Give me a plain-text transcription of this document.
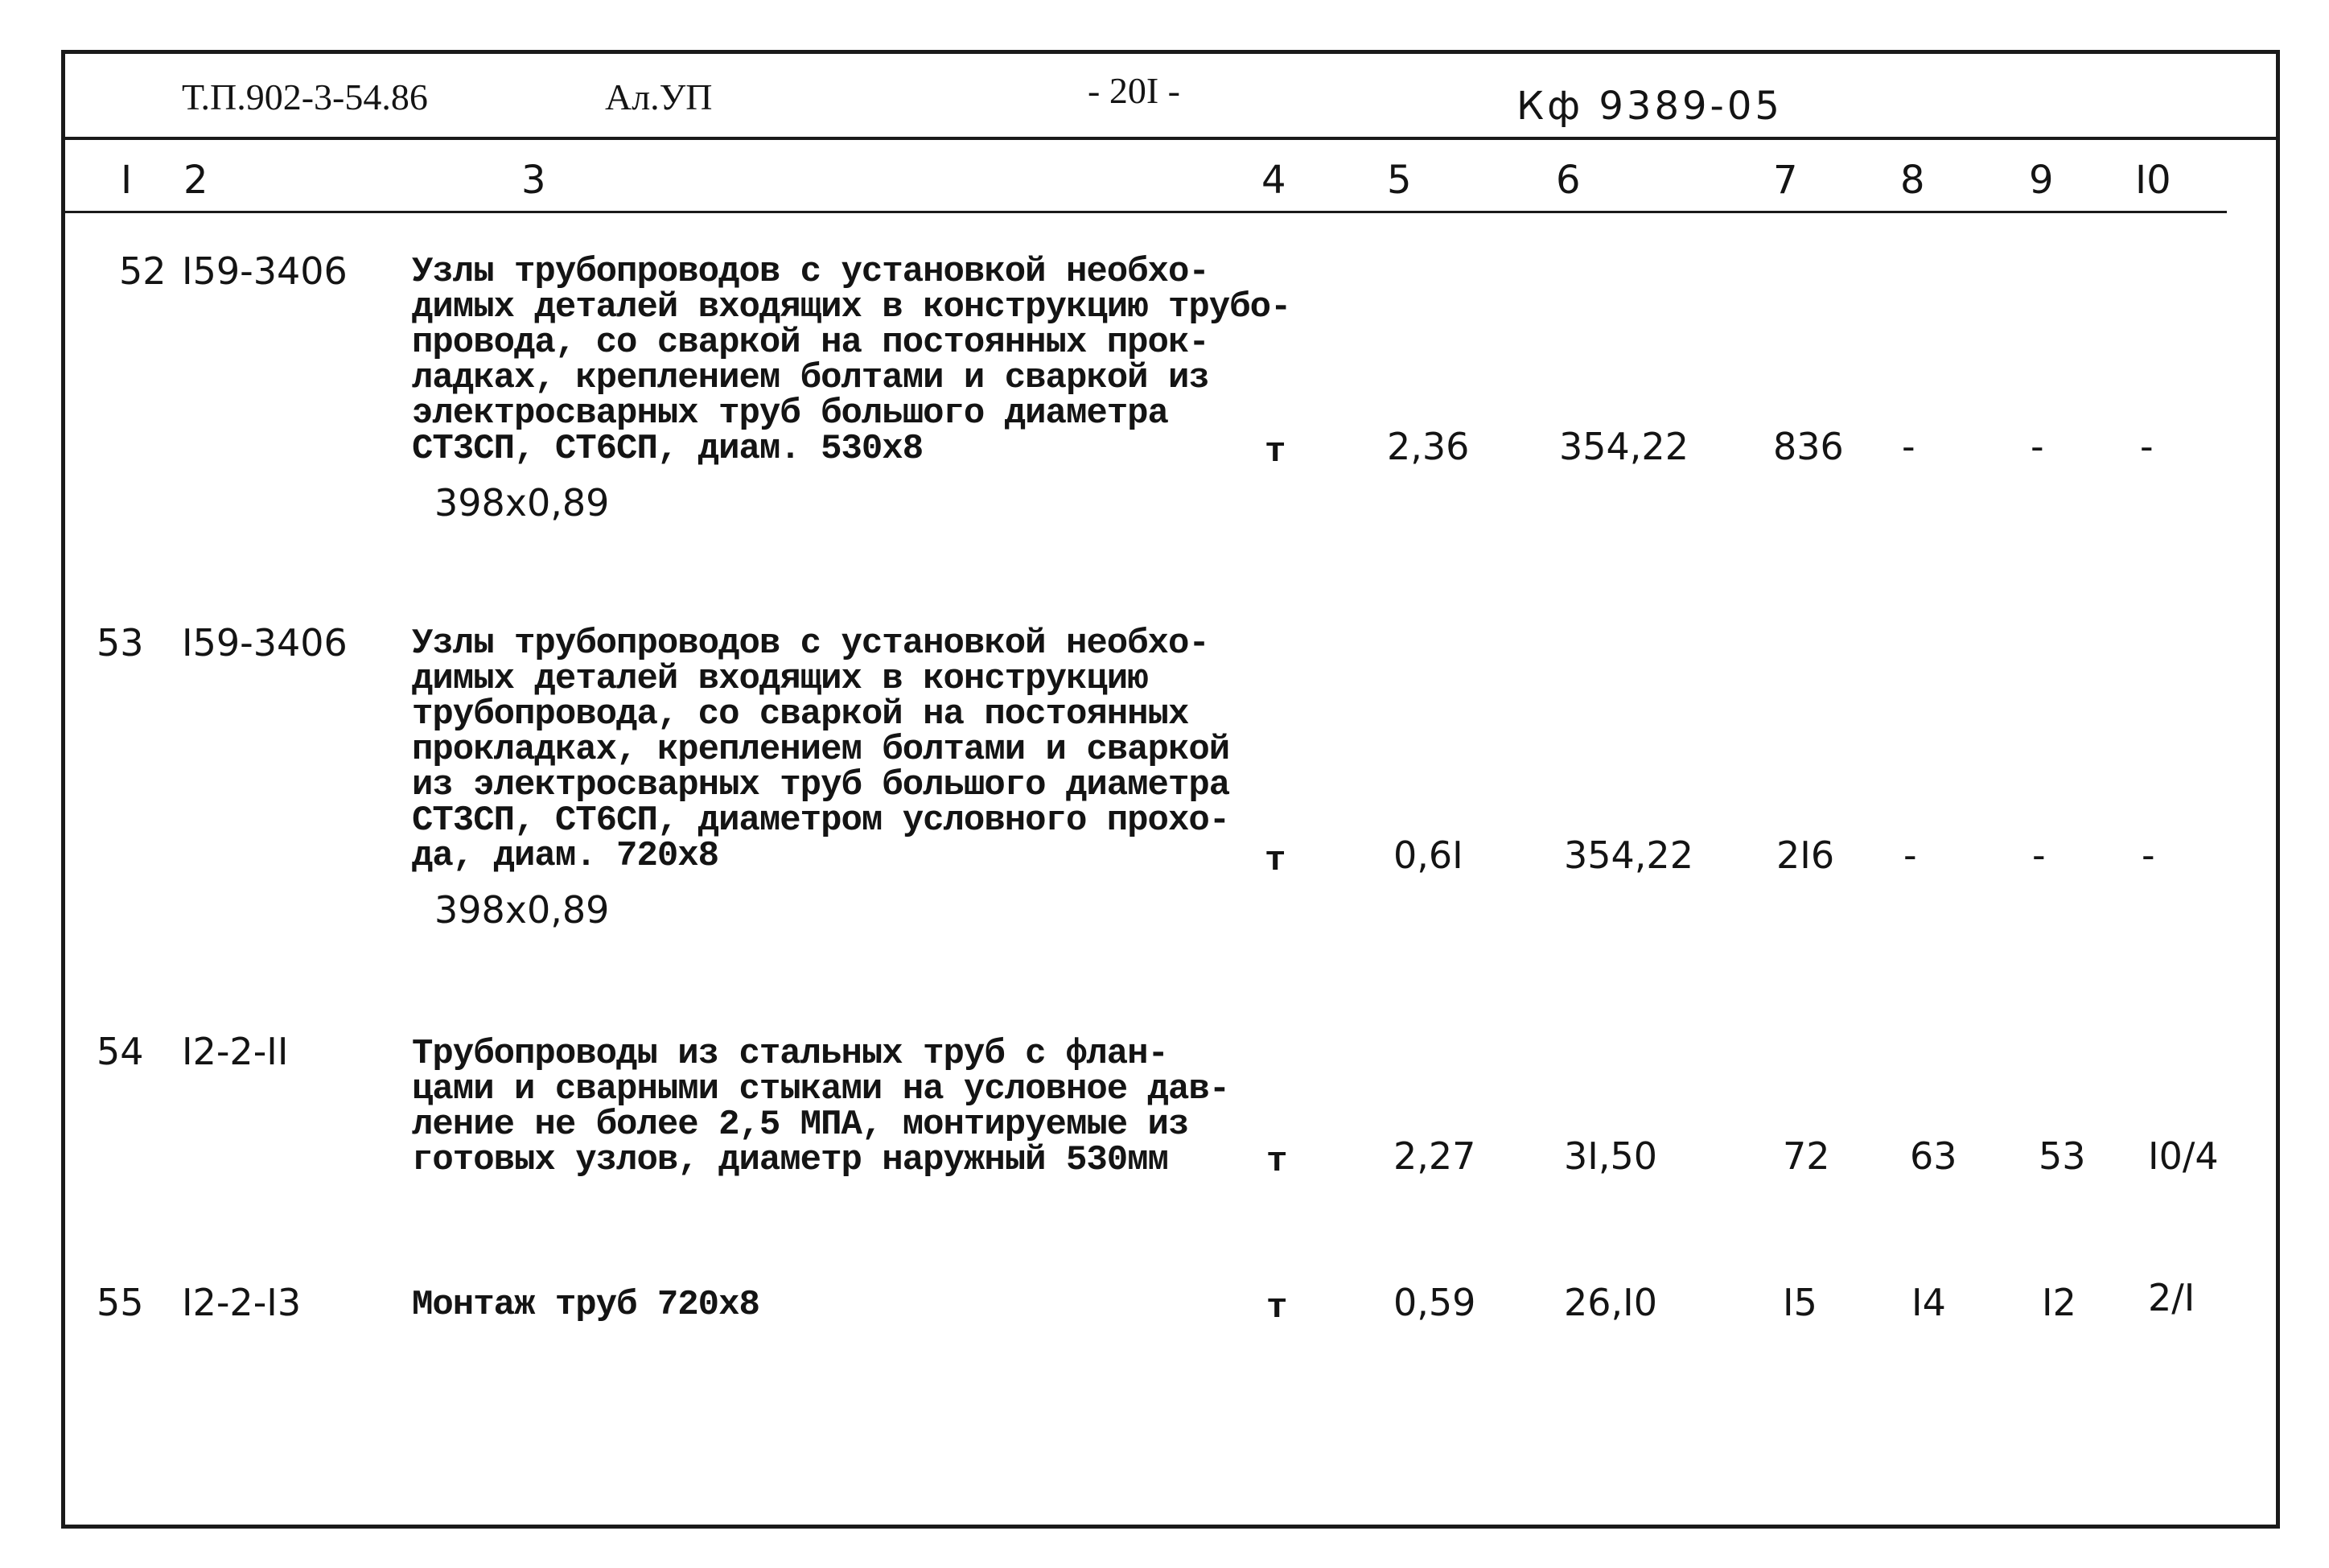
Т.П.902-3-54.86	Ал.УП	- 20I -	Кф 9389-05
I 2	3	4	5	6	7	8	9 I0
52 I59-3406 Узлы трубопроводов с установкой необхо-
димых деталей входящих в конструкцию трубо-
провода, со сваркой на постоянных прок-
ладках, креплением болтами и сваркой из
электросварных труб большого диаметра
СТ3СП, СТ6СП, диам. 530х8
398х0,89
т	2,36 354,22 836 -	-	-
53 I59-3406 Узлы трубопроводов с установкой необхо-
димых деталей входящих в конструкцию
трубопровода, со сваркой на постоянных
прокладках, креплением болтами и сваркой
из электросварных труб большого диаметра
СТ3СП, СТ6СП, диаметром условного прохо-
да, диам. 720х8
398х0,89
т	0,6I	354,22 2I6 -	-	-
54 I2-2-II	Трубопроводы из стальных труб с флан-
цами и сварными стыками на условное дав-
ление не более 2,5 МПА, монтируемые из
готовых узлов, диаметр наружный 530мм	т	2,27 3I,50	72 63 53 I0/4
55 I2-2-I3	Монтаж труб 720х8	т	0,59 26,I0	I5	I4	I2 2/I
